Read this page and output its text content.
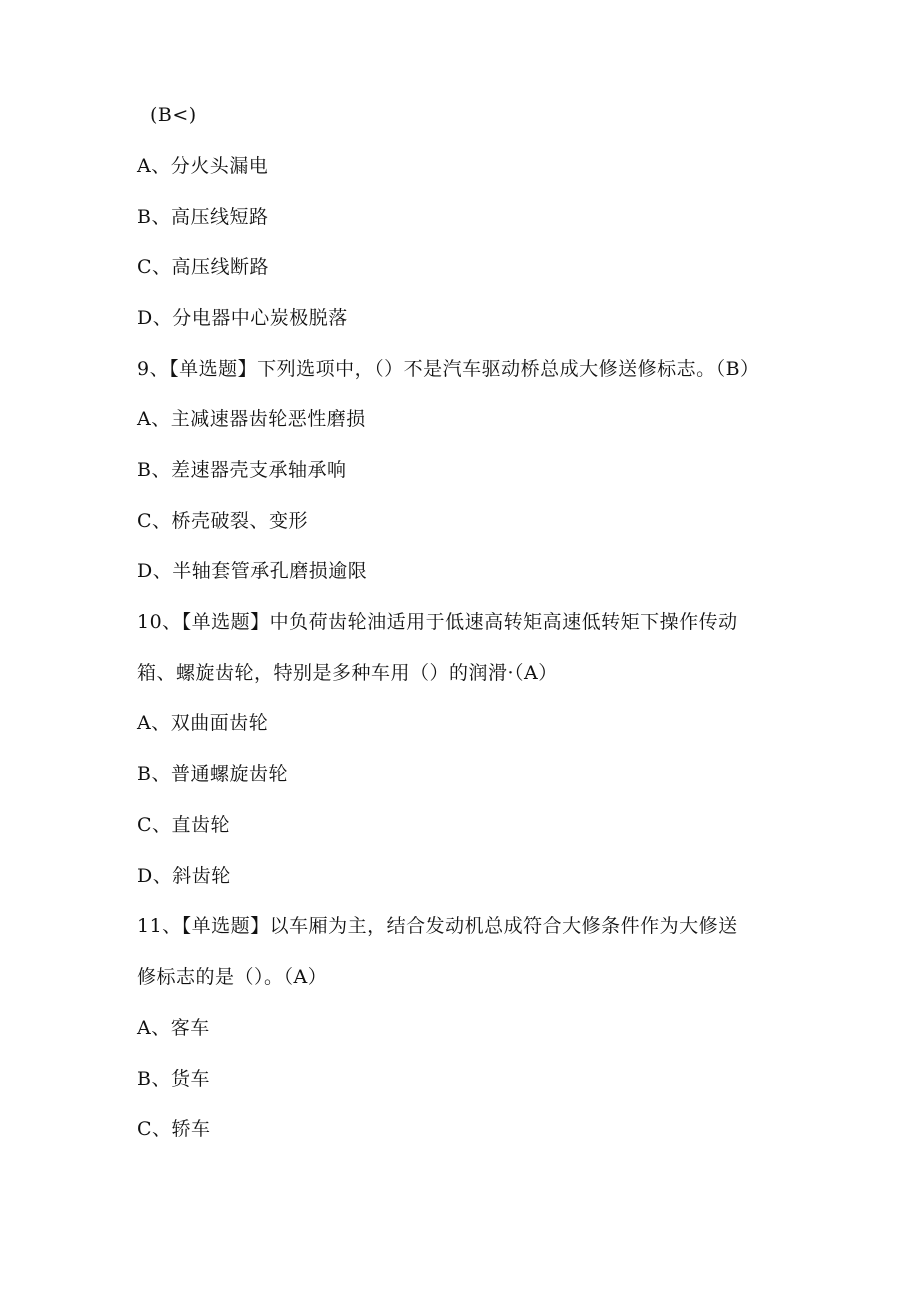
(B<)
A、分火头漏电
B、高压线短路
C、高压线断路
D、分电器中心炭极脱落
9、【单选题】下列选项中，（）不是汽车驱动桥总成大修送修标志。（B）
A、主减速器齿轮恶性磨损
B、差速器壳支承轴承响
C、桥壳破裂、变形
D、半轴套管承孔磨损逾限
10、【单选题】中负荷齿轮油适用于低速高转矩高速低转矩下操作传动
箱、螺旋齿轮，特别是多种车用（）的润滑·（A）
A、双曲面齿轮
B、普通螺旋齿轮
C、直齿轮
D、斜齿轮
11、【单选题】以车厢为主，结合发动机总成符合大修条件作为大修送
修标志的是（）。（A）
A、客车
B、货车
C、轿车
